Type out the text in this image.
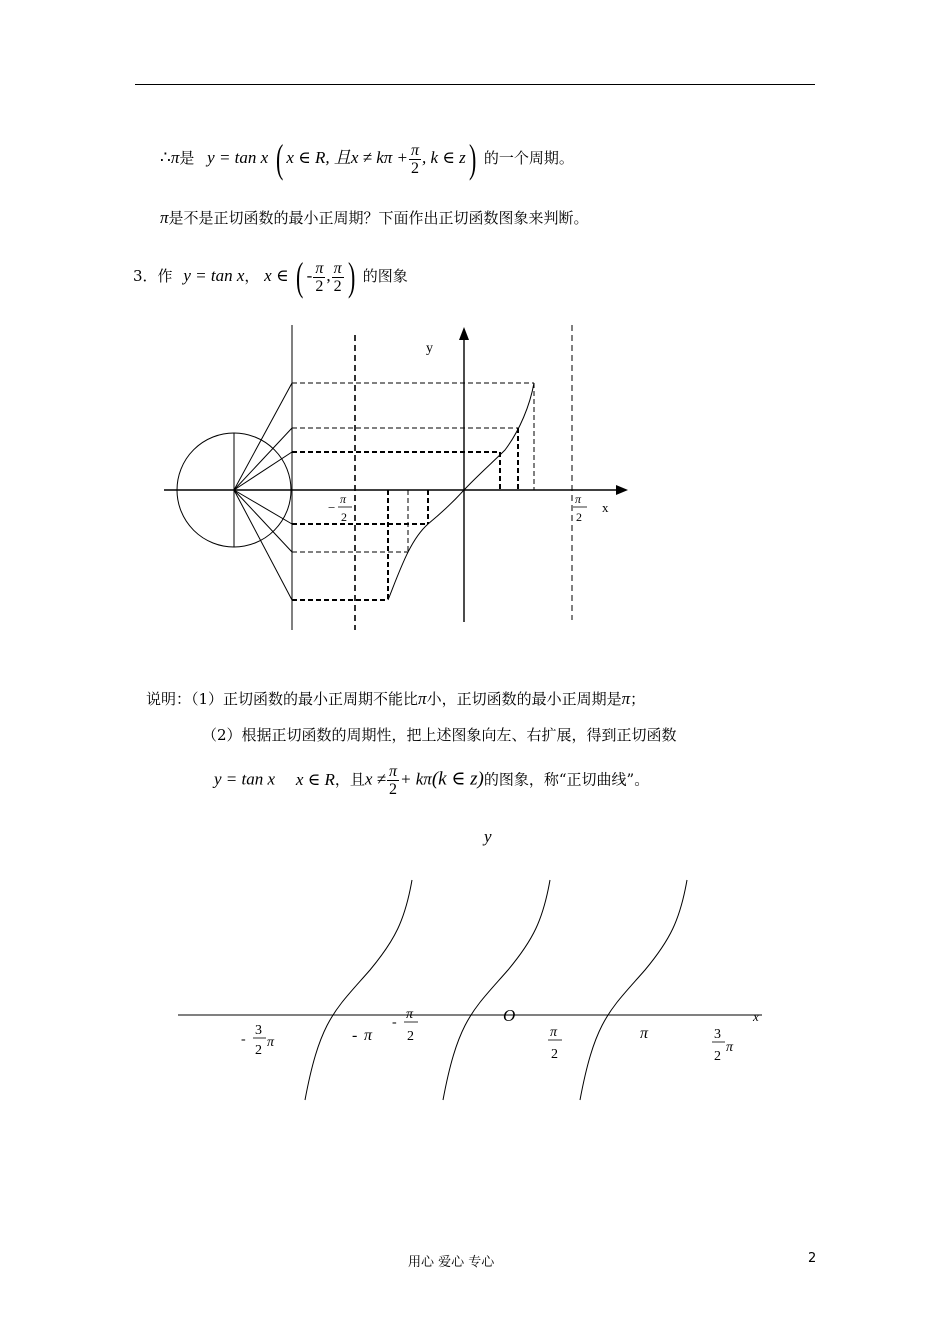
∴π是 y = tan x ( x ∈ R, 且$x \ne k\pi + \frac{\pi}{2}$ , k ∈ z) 的一个周期。
π是不是正切函数的最小正周期？下面作出正切函数图象来判断。
3．作 y = tan x， x ∈ ( - $\frac{\pi}{2}$ , $\frac{\pi}{2}$ ) 的图象
y
x
−
π
2
π
2
说明：（1）正切函数的最小正周期不能比π小，正切函数的最小正周期是π；
（2）根据正切函数的周期性，把上述图象向左、右扩展，得到正切函数
y = tan x x ∈ R，且$x \ne \frac{\pi}{2} + k\pi(k$ ∈ z)的图象，称“正切曲线”。
y
O	x
-
3
2
π	- π
-
π
2	π
2
π	3
2
π
用心 爱心 专心	2
